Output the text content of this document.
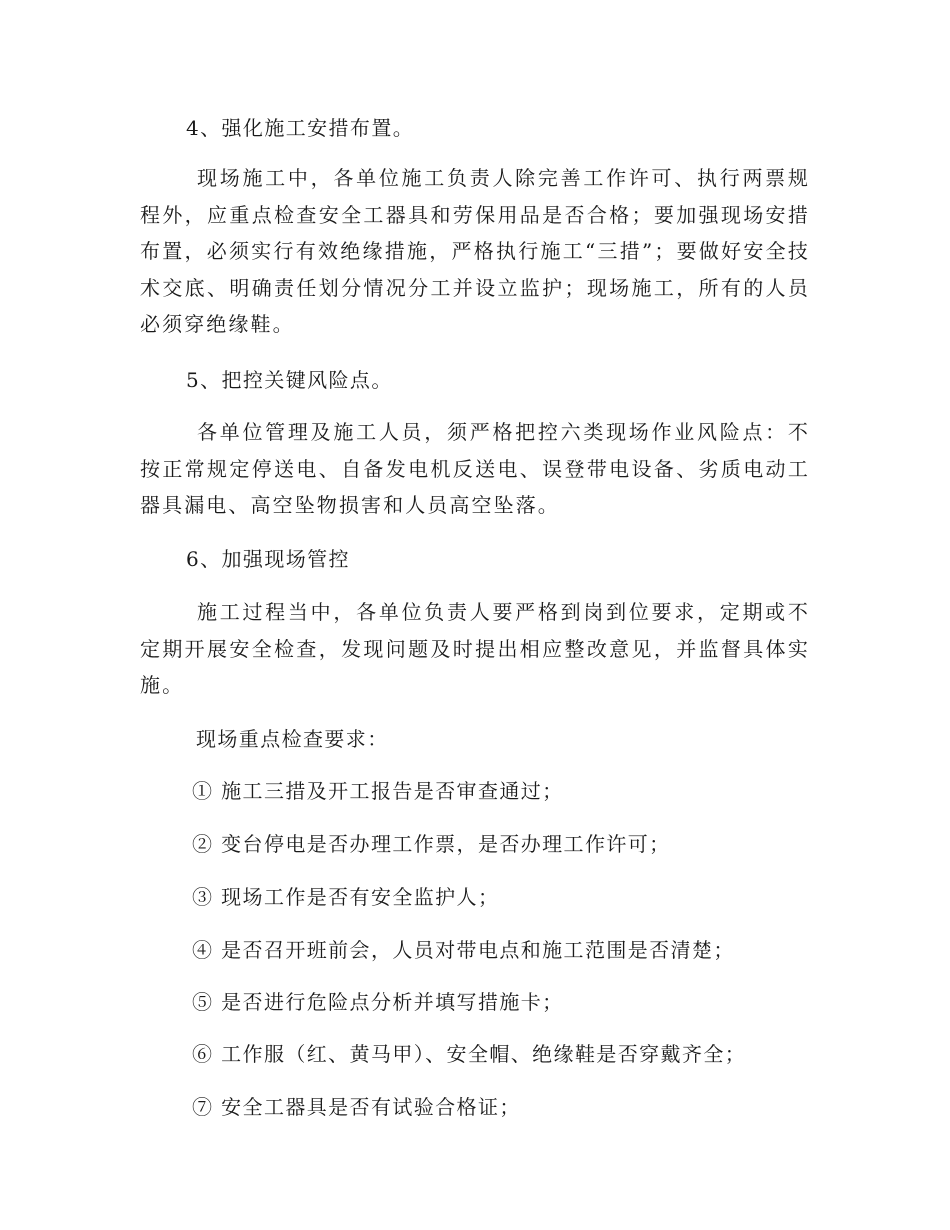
4、强化施工安措布置。

现场施工中，各单位施工负责人除完善工作许可、执行两票规程外，应重点检查安全工器具和劳保用品是否合格；要加强现场安措布置，必须实行有效绝缘措施，严格执行施工“三措”；要做好安全技术交底、明确责任划分情况分工并设立监护；现场施工，所有的人员必须穿绝缘鞋。

5、把控关键风险点。

各单位管理及施工人员，须严格把控六类现场作业风险点：不按正常规定停送电、自备发电机反送电、误登带电设备、劣质电动工器具漏电、高空坠物损害和人员高空坠落。

6、加强现场管控

施工过程当中，各单位负责人要严格到岗到位要求，定期或不定期开展安全检查，发现问题及时提出相应整改意见，并监督具体实施。

现场重点检查要求：
① 施工三措及开工报告是否审查通过；
② 变台停电是否办理工作票，是否办理工作许可；
③ 现场工作是否有安全监护人；
④ 是否召开班前会，人员对带电点和施工范围是否清楚；
⑤ 是否进行危险点分析并填写措施卡；
⑥ 工作服（红、黄马甲）、安全帽、绝缘鞋是否穿戴齐全；
⑦ 安全工器具是否有试验合格证；
